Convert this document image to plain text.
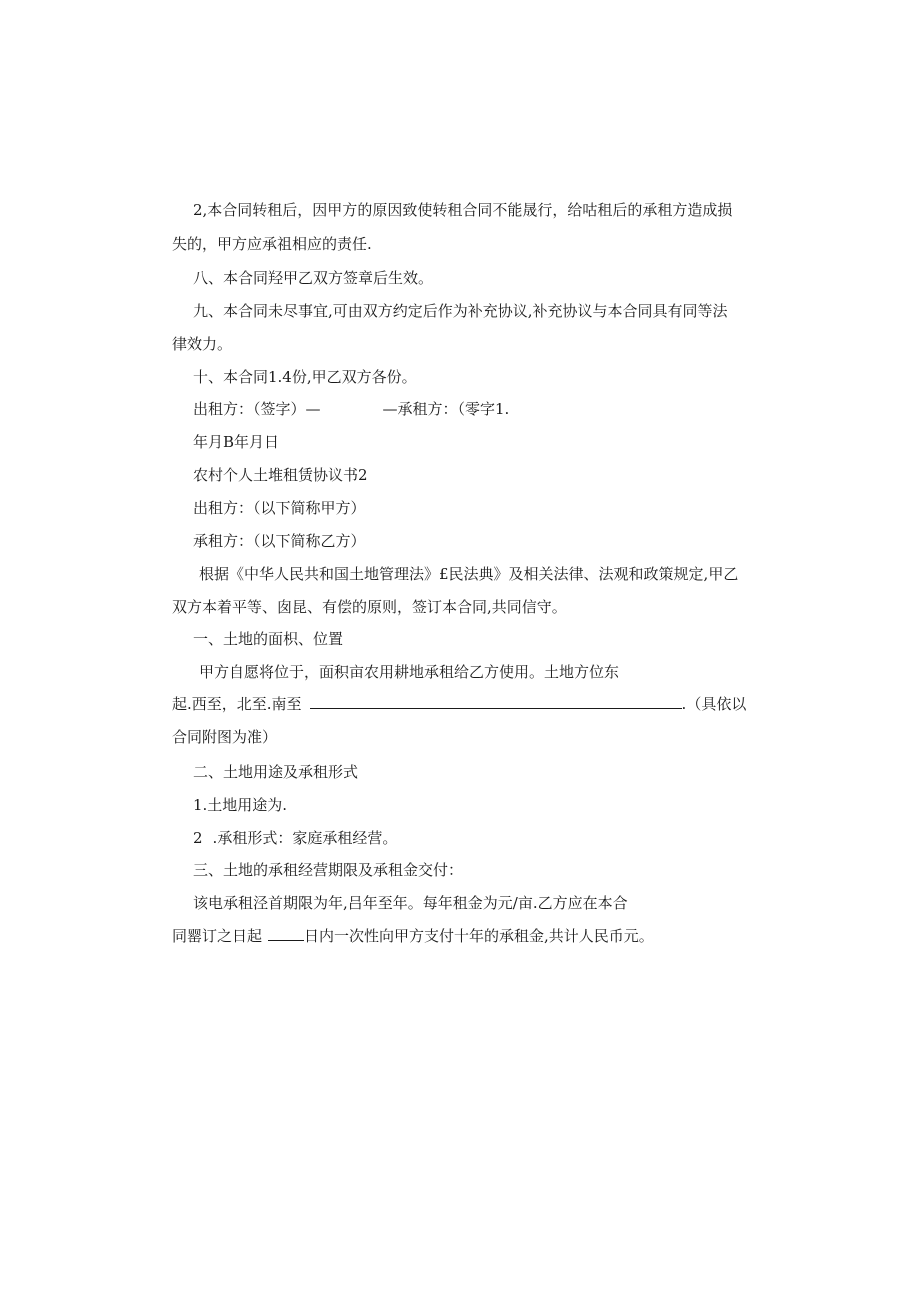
2,本合同转租后，因甲方的原因致使转租合同不能晟行，给咕租后的承租方造成损
失的，甲方应承祖相应的责任.
八、本合同羟甲乙双方签章后生效。
九、本合同未尽事宜,可由双方约定后作为补充协议,补充协议与本合同具有同等法
律效力。
十、本合同1.4份,甲乙双方各份。
出租方：（签字）—	—承租方：（零字1.
年月B年月日
农村个人土堆租赁协议书2
出租方：（以下简称甲方）
承租方：（以下简称乙方）
根据《中华人民共和国土地管理法》£民法典》及相关法律、法观和政策规定,甲乙
双方本着平等、囱昆、有偿的原则，签订本合同,共同信守。
一、土地的面枳、位置
甲方自愿将位于，面积亩农用耕地承租给乙方使用。土地方位东
起.西至，北至.南至	.（具依以
合同附图为准）
二、土地用途及承租形式
1.土地用途为.
2 .承租形式：家庭承租经营。
三、土地的承租经营期限及承租金交付：
该电承租泾首期限为年,吕年至年。每年租金为元/亩.乙方应在本合
同罂订之日起	日内一次性向甲方支付十年的承租金,共计人民币元。
